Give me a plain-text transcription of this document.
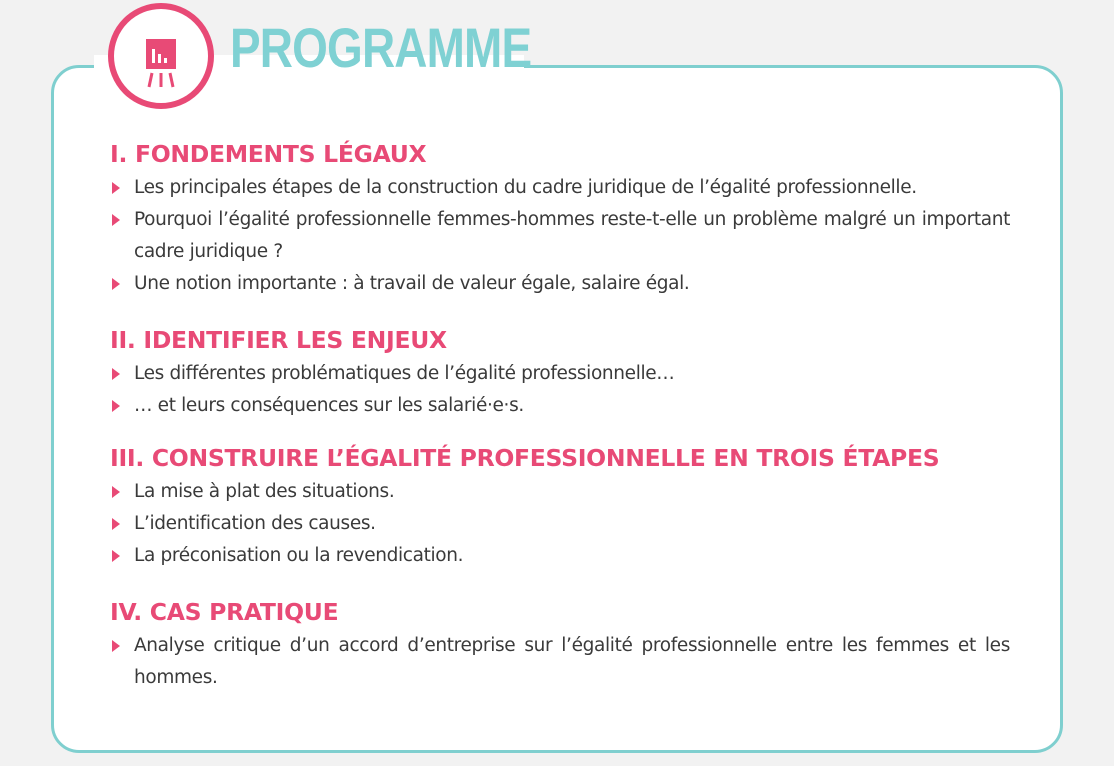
PROGRAMME
I. FONDEMENTS LÉGAUX
Les principales étapes de la construction du cadre juridique de l’égalité professionnelle.
Pourquoi l’égalité professionnelle femmes-hommes reste-t-elle un problème malgré un important cadre juridique ?
Une notion importante : à travail de valeur égale, salaire égal.
II. IDENTIFIER LES ENJEUX
Les différentes problématiques de l’égalité professionnelle…
… et leurs conséquences sur les salarié·e·s.
III. CONSTRUIRE L’ÉGALITÉ PROFESSIONNELLE EN TROIS ÉTAPES
La mise à plat des situations.
L’identification des causes.
La préconisation ou la revendication.
IV. CAS PRATIQUE
Analyse critique d’un accord d’entreprise sur l’égalité professionnelle entre les femmes et les hommes.
